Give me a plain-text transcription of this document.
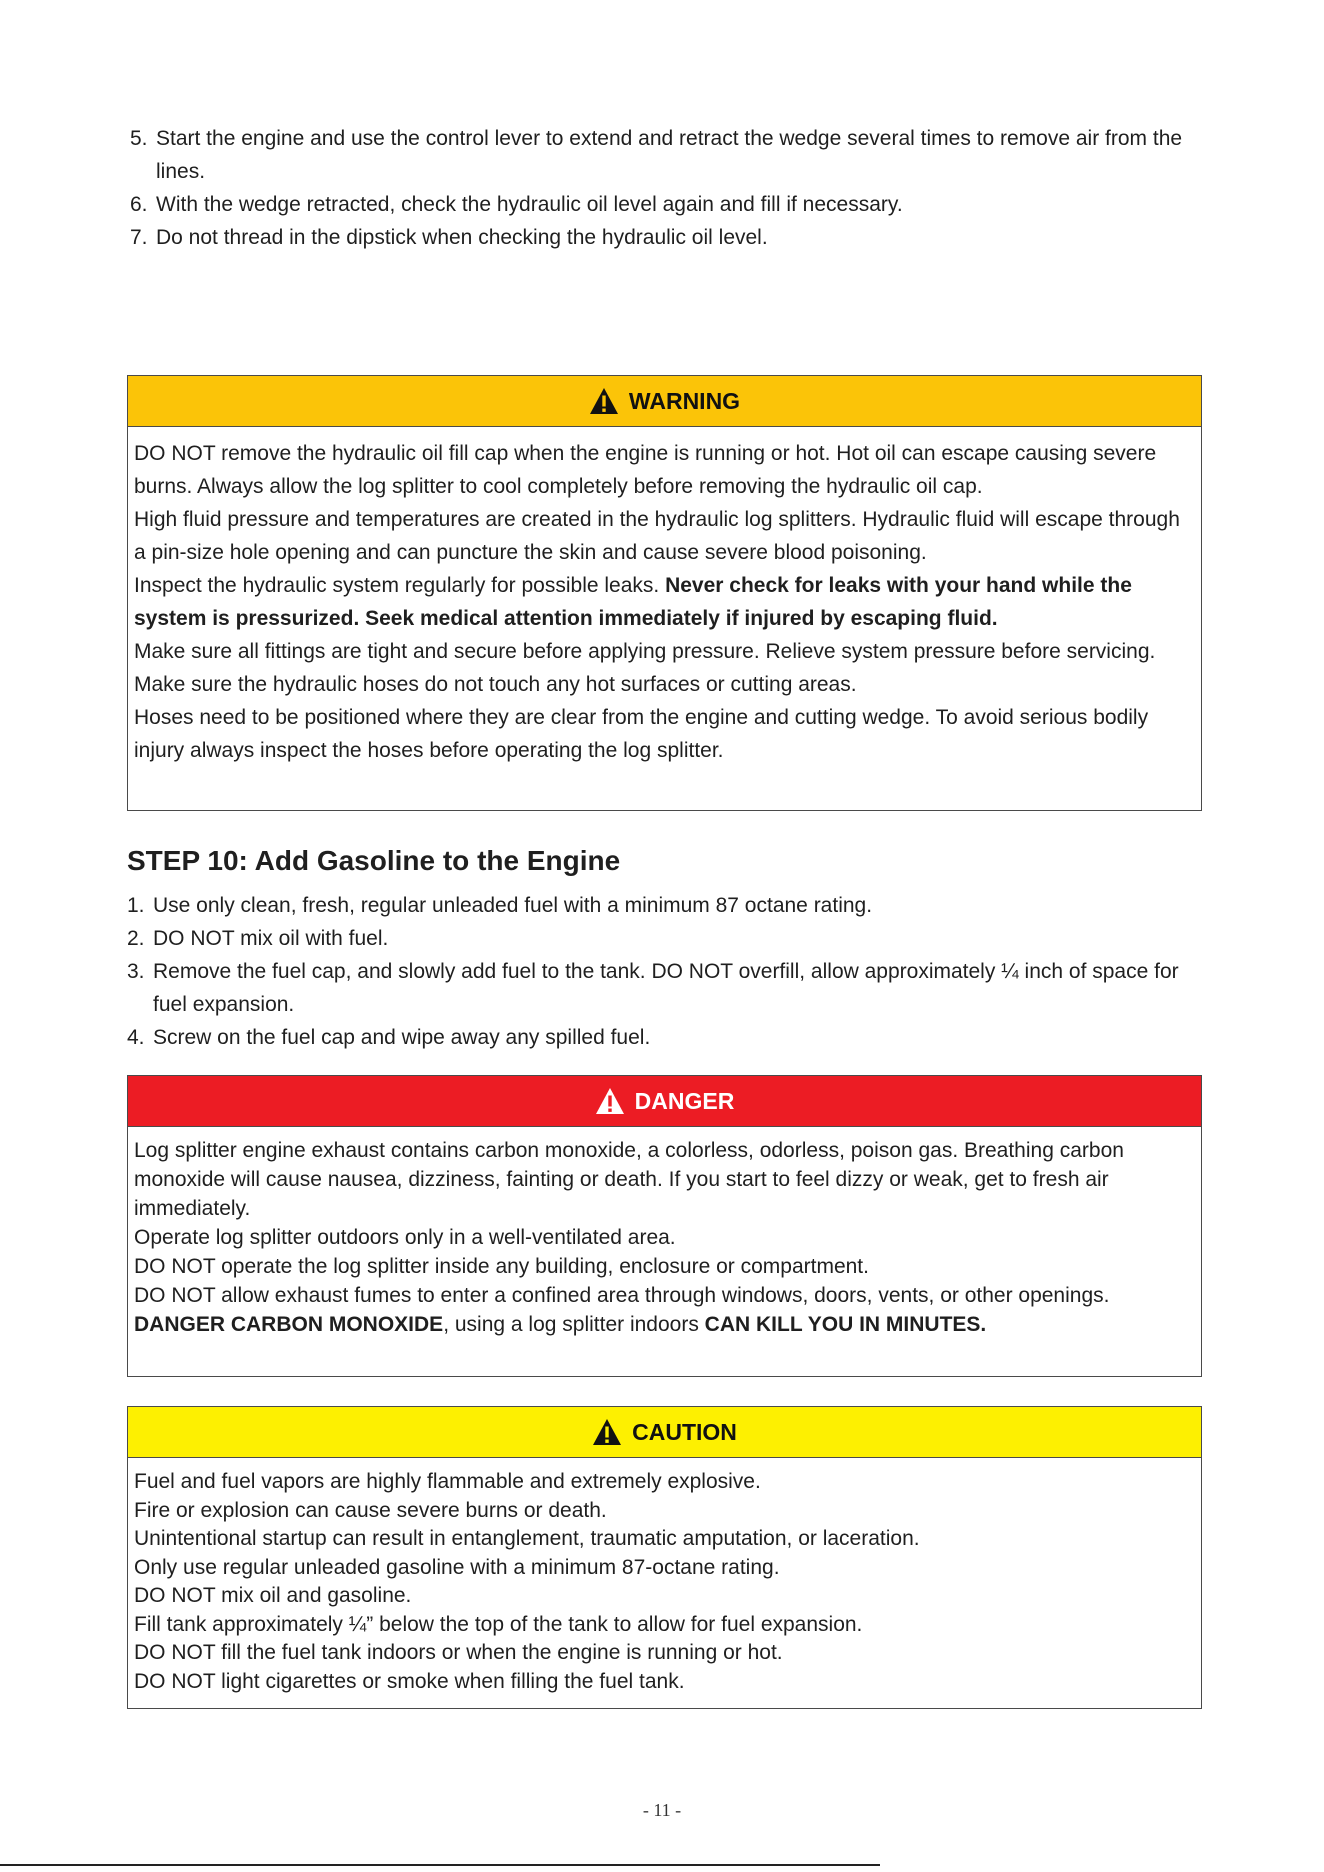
5. Start the engine and use the control lever to extend and retract the wedge several times to remove air from the lines.
6. With the wedge retracted, check the hydraulic oil level again and fill if necessary.
7. Do not thread in the dipstick when checking the hydraulic oil level.
WARNING

DO NOT remove the hydraulic oil fill cap when the engine is running or hot. Hot oil can escape causing severe burns. Always allow the log splitter to cool completely before removing the hydraulic oil cap.

High fluid pressure and temperatures are created in the hydraulic log splitters. Hydraulic fluid will escape through a pin-size hole opening and can puncture the skin and cause severe blood poisoning.

Inspect the hydraulic system regularly for possible leaks. Never check for leaks with your hand while the system is pressurized. Seek medical attention immediately if injured by escaping fluid.

Make sure all fittings are tight and secure before applying pressure. Relieve system pressure before servicing.

Make sure the hydraulic hoses do not touch any hot surfaces or cutting areas.

Hoses need to be positioned where they are clear from the engine and cutting wedge. To avoid serious bodily injury always inspect the hoses before operating the log splitter.

STEP 10: Add Gasoline to the Engine
1. Use only clean, fresh, regular unleaded fuel with a minimum 87 octane rating.
2. DO NOT mix oil with fuel.
3. Remove the fuel cap, and slowly add fuel to the tank. DO NOT overfill, allow approximately ¼ inch of space for fuel expansion.
4. Screw on the fuel cap and wipe away any spilled fuel.
DANGER

Log splitter engine exhaust contains carbon monoxide, a colorless, odorless, poison gas. Breathing carbon monoxide will cause nausea, dizziness, fainting or death. If you start to feel dizzy or weak, get to fresh air immediately.

Operate log splitter outdoors only in a well-ventilated area.

DO NOT operate the log splitter inside any building, enclosure or compartment.

DO NOT allow exhaust fumes to enter a confined area through windows, doors, vents, or other openings.

DANGER CARBON MONOXIDE, using a log splitter indoors CAN KILL YOU IN MINUTES.

CAUTION

Fuel and fuel vapors are highly flammable and extremely explosive.

Fire or explosion can cause severe burns or death.

Unintentional startup can result in entanglement, traumatic amputation, or laceration.

Only use regular unleaded gasoline with a minimum 87-octane rating.

DO NOT mix oil and gasoline.

Fill tank approximately ¼” below the top of the tank to allow for fuel expansion.

DO NOT fill the fuel tank indoors or when the engine is running or hot.

DO NOT light cigarettes or smoke when filling the fuel tank.

- 11 -
